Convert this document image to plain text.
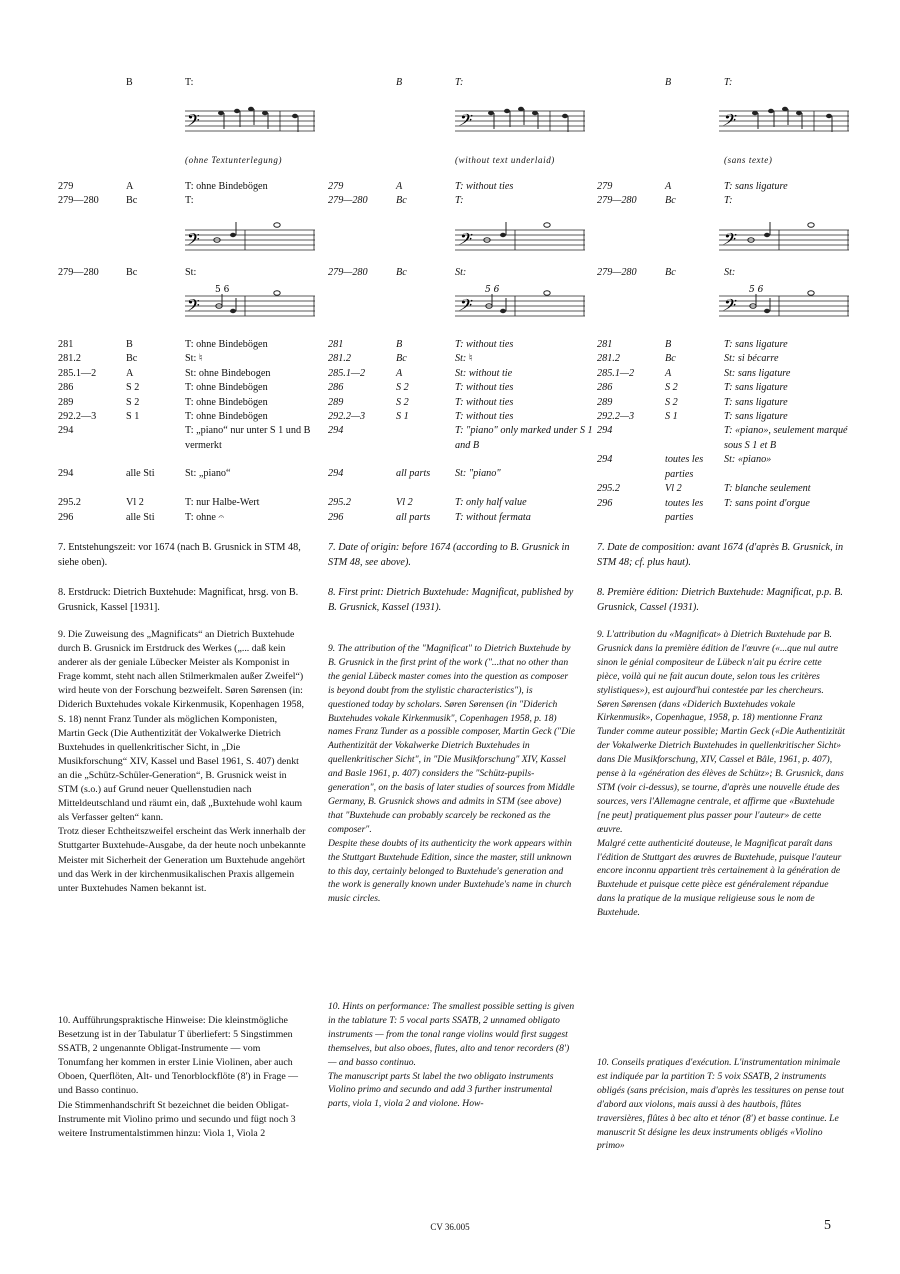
B	T:
𝄢
(ohne Textunterlegung)
279	A	T: ohne Bindebögen
279—280	Bc	T:
𝄢
279—280	Bc	St:
5 6
𝄢
281	B	T: ohne Bindebögen
281.2	Bc	St: ♮
285.1—2	A	St: ohne Bindebogen
286	S 2	T: ohne Bindebögen
289	S 2	T: ohne Bindebögen
292.2—3	S 1	T: ohne Bindebögen
294	T: „piano“ nur unter S 1 und B vermerkt
294	alle Sti	St: „piano“
295.2	Vl 2	T: nur Halbe-Wert
296	alle Sti	T: ohne 𝄐

7. Entstehungszeit: vor 1674 (nach B. Grusnick in STM 48, siehe oben).

8. Erstdruck: Dietrich Buxtehude: Magnificat, hrsg. von B. Grusnick, Kassel [1931].

9. Die Zuweisung des „Magnificats“ an Dietrich Buxtehude durch B. Grusnick im Erstdruck des Werkes („... daß kein anderer als der geniale Lübecker Meister als Komponist in Frage kommt, steht nach allen Stilmerkmalen außer Zweifel“) wird heute von der Forschung bezweifelt. Søren Sørensen (in: Diderich Buxtehudes vokale Kirkenmusik, Kopenhagen 1958, S. 18) nennt Franz Tunder als möglichen Komponisten, Martin Geck (Die Authentizität der Vokalwerke Dietrich Buxtehudes in quellenkritischer Sicht, in „Die Musikforschung“ XIV, Kassel und Basel 1961, S. 407) denkt an die „Schütz-Schüler-Generation“, B. Grusnick weist in STM (s.o.) auf Grund neuer Quellenstudien nach Mitteldeutschland und räumt ein, daß „Buxtehude wohl kaum als Verfasser gelten“ kann.

Trotz dieser Echtheitszweifel erscheint das Werk innerhalb der Stuttgarter Buxtehude-Ausgabe, da der heute noch unbekannte Meister mit Sicherheit der Generation um Buxtehude angehört und das Werk in der kirchenmusikalischen Praxis allgemein unter Buxtehudes Namen bekannt ist.

10. Aufführungspraktische Hinweise: Die kleinstmögliche Besetzung ist in der Tabulatur T überliefert: 5 Singstimmen SSATB, 2 ungenannte Obligat-Instrumente — vom Tonumfang her kommen in erster Linie Violinen, aber auch Oboen, Querflöten, Alt- und Tenorblockflöte (8') in Frage — und Basso continuo.

Die Stimmenhandschrift St bezeichnet die beiden Obligat-Instrumente mit Violino primo und secundo und fügt noch 3 weitere Instrumentalstimmen hinzu: Viola 1, Viola 2

B	T:
𝄢
(without text underlaid)
279	A	T: without ties
279—280	Bc	T:
𝄢
279—280	Bc	St:
5 6
𝄢
281	B	T: without ties
281.2	Bc	St: ♮
285.1—2	A	St: without tie
286	S 2	T: without ties
289	S 2	T: without ties
292.2—3	S 1	T: without ties
294	T: "piano" only marked under S 1 and B
294	all parts St: "piano"
295.2	Vl 2	T: only half value
296	all parts T: without fermata

7. Date of origin: before 1674 (according to B. Grusnick in STM 48, see above).

8. First print: Dietrich Buxtehude: Magnificat, published by B. Grusnick, Kassel (1931).

9. The attribution of the "Magnificat" to Dietrich Buxtehude by B. Grusnick in the first print of the work ("...that no other than the genial Lübeck master comes into the question as composer is beyond doubt from the stylistic characteristics"), is questioned today by scholars. Søren Sørensen (in "Diderich Buxtehudes vokale Kirkenmusik", Copenhagen 1958, p. 18) names Franz Tunder as a possible composer, Martin Geck ("Die Authentizität der Vokalwerke Dietrich Buxtehudes in quellenkritischer Sicht", in "Die Musikforschung" XIV, Kassel and Basle 1961, p. 407) considers the "Schütz-pupils-generation", on the basis of later studies of sources from Middle Germany, B. Grusnick shows and admits in STM (see above) that "Buxtehude can probably scarcely be reckoned as the composer".

Despite these doubts of its authenticity the work appears within the Stuttgart Buxtehude Edition, since the master, still unknown to this day, certainly belonged to Buxtehude's generation and the work is generally known under Buxtehude's name in church music circles.

10. Hints on performance: The smallest possible setting is given in the tablature T: 5 vocal parts SSATB, 2 unnamed obligato instruments — from the tonal range violins would first suggest themselves, but also oboes, flutes, alto and tenor recorders (8') — and basso continuo.

The manuscript parts St label the two obligato instruments Violino primo and secundo and add 3 further instrumental parts, viola 1, viola 2 and violone. How-

B	T:
𝄢
(sans texte)
279	A	T: sans ligature
279—280	Bc	T:
𝄢
279—280	Bc	St:
5 6
𝄢
281	B	T: sans ligature
281.2	Bc	St: si bécarre
285.1—2	A	St: sans ligature
286	S 2	T: sans ligature
289	S 2	T: sans ligature
292.2—3	S 1	T: sans ligature
294	T: «piano», seulement marqué sous S 1 et B
294	toutes les parties
St: «piano»
295.2	Vl 2	T: blanche seulement
296	toutes les parties
T: sans point d'orgue

7. Date de composition: avant 1674 (d'après B. Grusnick, in STM 48; cf. plus haut).

8. Première édition: Dietrich Buxtehude: Magnificat, p.p. B. Grusnick, Cassel (1931).

9. L'attribution du «Magnificat» à Dietrich Buxtehude par B. Grusnick dans la première édition de l'œuvre («...que nul autre sinon le génial compositeur de Lübeck n'ait pu écrire cette pièce, voilà qui ne fait aucun doute, selon tous les critères stylistiques»), est aujourd'hui contestée par les chercheurs. Søren Sørensen (dans «Diderich Buxtehudes vokale Kirkenmusik», Copenhague, 1958, p. 18) mentionne Franz Tunder comme auteur possible; Martin Geck («Die Authentizität der Vokalwerke Dietrich Buxtehudes in quellenkritischer Sicht» dans Die Musikforschung, XIV, Cassel et Bâle, 1961, p. 407), pense à la «génération des élèves de Schütz»; B. Grusnick, dans STM (voir ci-dessus), se tourne, d'après une nouvelle étude des sources, vers l'Allemagne centrale, et affirme que «Buxtehude [ne peut] pratiquement plus passer pour l'auteur» de cette œuvre.

Malgré cette authenticité douteuse, le Magnificat paraît dans l'édition de Stuttgart des œuvres de Buxtehude, puisque l'auteur encore inconnu appartient très certainement à la génération de Buxtehude et puisque cette pièce est généralement répandue dans la pratique de la musique religieuse sous le nom de Buxtehude.

10. Conseils pratiques d'exécution. L'instrumentation minimale est indiquée par la partition T: 5 voix SSATB, 2 instruments obligés (sans précision, mais d'après les tessitures on pense tout d'abord aux violons, mais aussi à des hautbois, flûtes traversières, flûtes à bec alto et ténor (8') et basse continue. Le manuscrit St désigne les deux instruments obligés «Violino primo»

CV 36.005	5
